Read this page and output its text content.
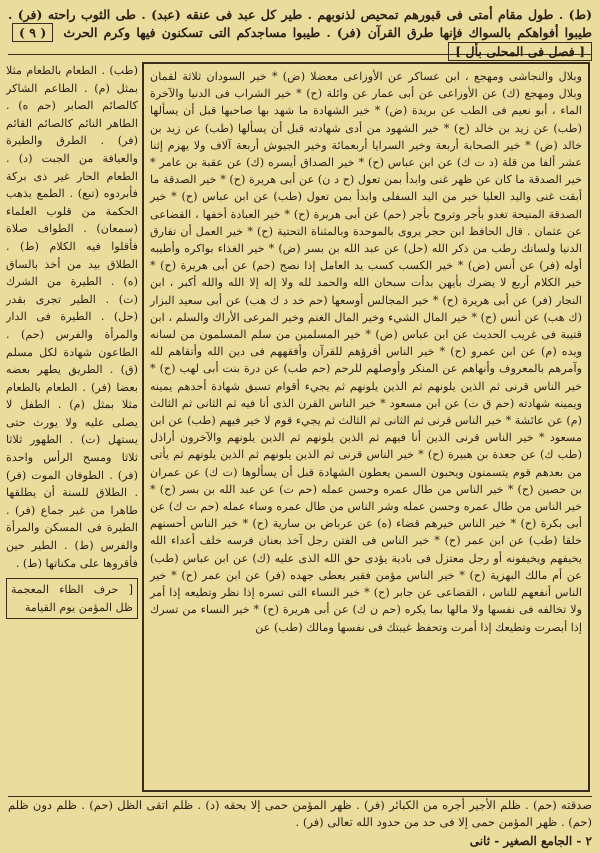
(ط) . طول مقام أمتى فى قبورهم تمحيص لذنوبهم . طير كل عبد فى عنقه (عبد) . طى الثوب راحته (فر) . طيبوا أفواهكم بالسواك فإنها طرق القرآن (فر) . طيبوا مساجدكم التى تسكنون فيها وكرم الحرث ( ٩ ) [ فصل فى المحلى بأل ]

وبلال والنجاشى ومهجع ، ابن عساكر عن الأوزاعى معضلا (ض) * خير السودان ثلاثة لقمان وبلال ومهجع (ك) عن الأوزاعى عن أبى عمار عن وائلة (ح) * خير الشراب فى الدنيا والآخرة الماء ، أبو نعيم فى الطب عن بريدة (ض) * خير الشهادة ما شهد بها صاحبها قبل أن يسألها (طب) عن زيد بن خالد (ح) * خير الشهود من أدى شهادته قبل أن يسألها (طب) عن زيد بن خالد (ض) * خير الصحابة أربعة وخير السرايا أربعمائة وخير الجيوش أربعة آلاف ولا يهزم إثنا عشر ألفا من قلة (د ت ك) عن ابن عباس (ح) * خير الصداق أيسره (ك) عن عقبة بن عامر * خير الصدقة ما كان عن ظهر غنى وابدأ بمن تعول (ح د ن) عن أبى هريرة (ح) * خير الصدقة ما أبقت غنى واليد العليا خير من اليد السفلى وابدأ بمن تعول (طب) عن ابن عباس (ح) * خير الصدقة المنيحة تغدو بأجر وتروح بأجر (حم) عن أبى هريرة (ح) * خير العبادة أخفها ، القضاعى عن عثمان . قال الحافظ ابن حجر يروى بالموحدة وبالمثناة التحتية (ح) * خير العمل أن تفارق الدنيا ولسانك رطب من ذكر الله (حل) عن عبد الله بن بسر (ض) * خير الغذاء بواكره وأطيبه أوله (فر) عن أنس (ض) * خير الكسب كسب يد العامل إذا نصح (حم) عن أبى هريرة (ح) * خير الكلام أربع لا يضرك بأيهن بدأت سبحان الله والحمد لله ولا إله إلا الله والله أكبر ، ابن النجار (فر) عن أبى هريرة (ح) * خير المجالس أوسعها (حم خد د ك هب) عن أبى سعيد البزار (ك هب) عن أنس (ح) * خير المال الشيء وخير المال الغنم وخير المرعى الأراك والسلم ، ابن قتيبة فى غريب الحديث عن ابن عباس (ض) * خير المسلمين من سلم المسلمون من لسانه ويده (م) عن ابن عمرو (ح) * خير الناس أقرؤهم للقرآن وأفقههم فى دين الله وأتقاهم لله وآمرهم بالمعروف وأنهاهم عن المنكر وأوصلهم للرحم (حم طب) عن درة بنت أبى لهب (ح) * خير الناس قرنى ثم الذين يلونهم ثم الذين يلونهم ثم يجيء أقوام تسبق شهادة أحدهم يمينه ويمينه شهادته (حم ق ت) عن ابن مسعود * خير الناس القرن الذى أنا فيه ثم الثانى ثم الثالث (م) عن عائشة * خير الناس قرنى ثم الثانى ثم الثالث ثم يجيء قوم لا خير فيهم (طب) عن ابن مسعود * خير الناس قرنى الذين أنا فيهم ثم الذين يلونهم ثم الذين يلونهم والآخرون أراذل (طب ك) عن جعدة بن هبيرة (ح) * خير الناس قرنى ثم الذين يلونهم ثم الذين يلونهم ثم يأتى من بعدهم قوم يتسمنون ويحبون السمن يعطون الشهادة قبل أن يسألوها (ت ك) عن عمران بن حصين (ح) * خير الناس من طال عمره وحسن عمله (حم ت) عن عبد الله بن بسر (ح) * خير الناس من طال عمره وحسن عمله وشر الناس من طال عمره وساء عمله (حم ت ك) عن أبى بكرة (ح) * خير الناس خيرهم قضاء (ه) عن عرباض بن سارية (ح) * خير الناس أحسنهم خلقا (طب) عن ابن عمر (ح) * خير الناس فى الفتن رجل آخذ بعنان فرسه خلف أعداء الله يخيفهم ويخيفونه أو رجل معتزل فى بادية يؤدى حق الله الذى عليه (ك) عن ابن عباس (طب) عن أم مالك البهزية (ح) * خير الناس مؤمن فقير يعطى جهده (فر) عن ابن عمر (ح) * خير الناس أنفعهم للناس ، القضاعى عن جابر (ح) * خير النساء التى تسره إذا نظر وتطيعه إذا أمر ولا تخالفه فى نفسها ولا مالها بما يكره (حم ن ك) عن أبى هريرة (ح) * خير النساء من تسرك إذا أبصرت وتطيعك إذا أمرت وتحفظ غيبتك فى نفسها ومالك (طب) عن

(طب) . الطعام بالطعام مثلا بمثل (م) . الطاعم الشاكر كالصائم الصابر (حم ه) . الطاهر النائم كالصائم القائم (فر) . الطرق والطيرة والعيافة من الجبت (د) . الطعام الحار غير ذى بركة فأبردوه (تبع) . الطمع يذهب الحكمة من قلوب العلماء (سمعان) . الطواف صلاة فأقلوا فيه الكلام (ط) . الطلاق بيد من أخذ بالساق (ه) . الطيرة من الشرك (ت) . الطير تجرى بقدر (حل) . الطيرة فى الدار والمرأة والفرس (حم) . الطاعون شهادة لكل مسلم (ق) . الطريق يطهر بعضه بعضا (فر) . الطعام بالطعام مثلا بمثل (م) . الطفل لا يصلى عليه ولا يورث حتى يستهل (ت) . الطهور ثلاثا ثلاثا ومسح الرأس واحدة (فر) . الطوفان الموت (فر) . الطلاق للسنة أن يطلقها طاهرا من غير جماع (فر) . الطيرة فى المسكن والمرأة والفرس (ط) . الطير حين فأقروها على مكناتها (ط) .

[ حرف الظاء المعجمة ظل المؤمن يوم القيامة
صدقته (حم) . ظلم الأجير أجره من الكبائر (فر) . ظهر المؤمن حمى إلا بحقه (د) . ظلم اتقى الظل (حم) . ظلم دون ظلم (حم) . ظهر المؤمن حمى إلا فى حد من حدود الله تعالى (فر) .
٢ - الجامع الصغير - ثانى
